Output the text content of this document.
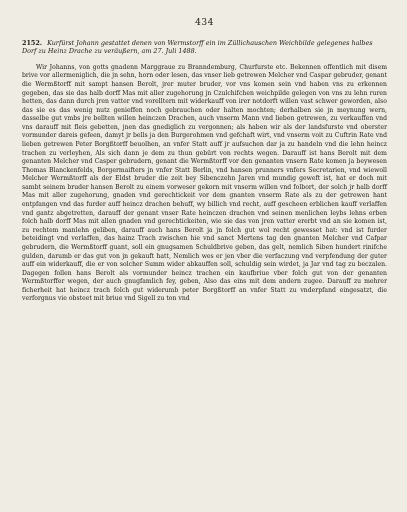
434

2152. Kurfürst Johann gestattet denen von Wermstorff ein im Züllichauschen Weichbilde gelegenes halbes Dorf zu Heinz Drache zu veräußern, am 27. Juli 1488.

Wir Johanns, von gotts gnadenn Marggraue zu Branndemburg, Churfurste etc. Bekennen offentlich mit disem brive vor allermeniglich, die jn sehn, horn oder lesen, das vnser lieb getrewen Melcher vnd Caspar gebruder, genant die Wermßtorff mit sampt hansen Berolt, jrer muter bruder, vor vns komen sein vnd haben vns zu erkennen gegeben, das sie das halb dorff Mas mit aller zugehorung jn Czulchifchen weichpilde gelegen von vns zu lehn ruren hetten, das dann durch jren vatter vnd vorelltern mit widerkauff von irer notdorft willen vast schwer geworden, also das sie es das wenig nutz genieffen noch gebrauchen oder halten mochten; derhalben sie jn meynung wern, dasselbe gut vmbs jre bellten willen heinczen Drachen, auch vnserm Mann vnd lieben getrewen, zu verkauffen vnd vns darauff mit fleis gebetten, jnen das gnediglich zu vergonnen; als haben wir als der landsfurste vnd oberster vormunder dareis gefeen, damyt jr bells ja den Burgerohmen vnd gefchaft wirt, vnd vnserm voit zu Cuftrin Rate vnd lieben getrewen Peter Borgßtorff beuolhen, an vnfer Statt auff jr aufsuchen dar ja zu handeln vnd die lehn heincz trachen zu verleyhen, Als sich dann je dem zu thun gebürt von rechts wegen. Darauff ist hans Berolt mit dem genanten Melcher vnd Casper gebrudern, genant die Wermßtorff vor den genanten vnsern Rate komen ja beywesen Thomas Blanckenfelds, Borgermaifters jn vnfer Statt Berlin, vnd hansen prunners vnfers Secretarien, vnd wiewoll Melcher Wermßtorff als der Eldst bruder die zeit bey Sibenczehn Jaren vnd mundig geweft ist, hat er doch mit sambt seinem bruder hansen Berolt zu einem vorweser gekorn mit vnserm willen vnd folbort, der solch jr halb dorff Mas mit aller zugehorung, gnaden vnd gerechtickeit vor dem gnanten vnserm Rate als zu der getrewen hant entpfangen vnd das furder auff heincz drachen behuff, wy billich vnd recht, auff gescheen erblichen kauff verlaffen vnd gantz abgetretten, darauff der genant vnser Rate heinczen drachen vnd seinen menlichen leybs lehns erben folch halb dorff Mas mit allen gnaden vnd gerechtickeiten, wie sie das von jren vatter ererbt vnd an sie komen ist, zu rechtem manlehn geliben, darauff auch hans Berolt ja jn folch gut wol recht gewesset hat: vnd ist furder beteidingt vnd verlaffen, das hainz Trach zwischen hie vnd sanct Mertens tag den gnanten Melcher vnd Cafpar gebrudern, die Wermßtorff guant, soll ein gnugsamen Schuldbrive geben, das gelt, nemlich Siben hundert rinifche gulden, darumb er das gut von jn gekauft hatt, Nemlich wes er jen vber die verfaczung vnd verpfendung der guter auff ein widerkauff, die er von solcher Summ wider abkauffen soll, schuldig sein wirdet, ja Jar vnd tag zu beczalen. Dagegen follen hans Berolt als vormunder heincz trachen ein kaufbriue vber folch gut von der genanten Wermßtorffer wegen, der auch gnugfamlich fey, geben, Also das eins mit dem andern zugee. Darauff zu mehrer ficherheit hat heincz trach folch gut widerumb peter Borgßtorff an vnfer Statt zu vnderpfand eingesatzt, die verforgnus vie obsteet mit briue vnd Sigell zu ton vnd
